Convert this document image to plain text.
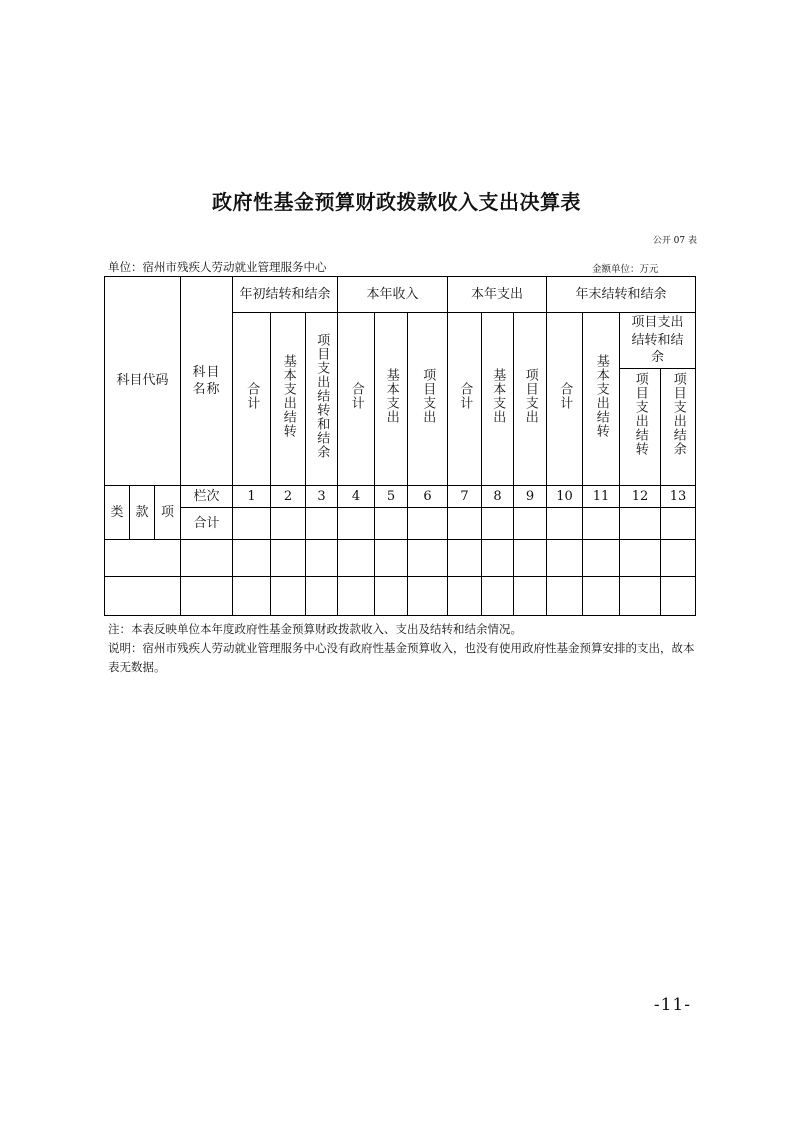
政府性基金预算财政拨款收入支出决算表
公开 07 表
单位：宿州市残疾人劳动就业管理服务中心	金额单位：万元
科目代码			科目名称	年初结转和结余			本年收入			本年支出			年末结转和结余			
				合计	基本支出结转	项目支出结转和结余	合计	基本支出	项目支出	合计	基本支出	项目支出	合计	基本支出结转	项目支出结转和结余	
															项目支出结转	项目支出结余

类	款	项	栏次	1	2	3	4	5	6	7	8	9	10	11	12	13
			合计													

注：本表反映单位本年度政府性基金预算财政拨款收入、支出及结转和结余情况。

说明：宿州市残疾人劳动就业管理服务中心没有政府性基金预算收入，也没有使用政府性基金预算安排的支出，故本表无数据。

-11-
